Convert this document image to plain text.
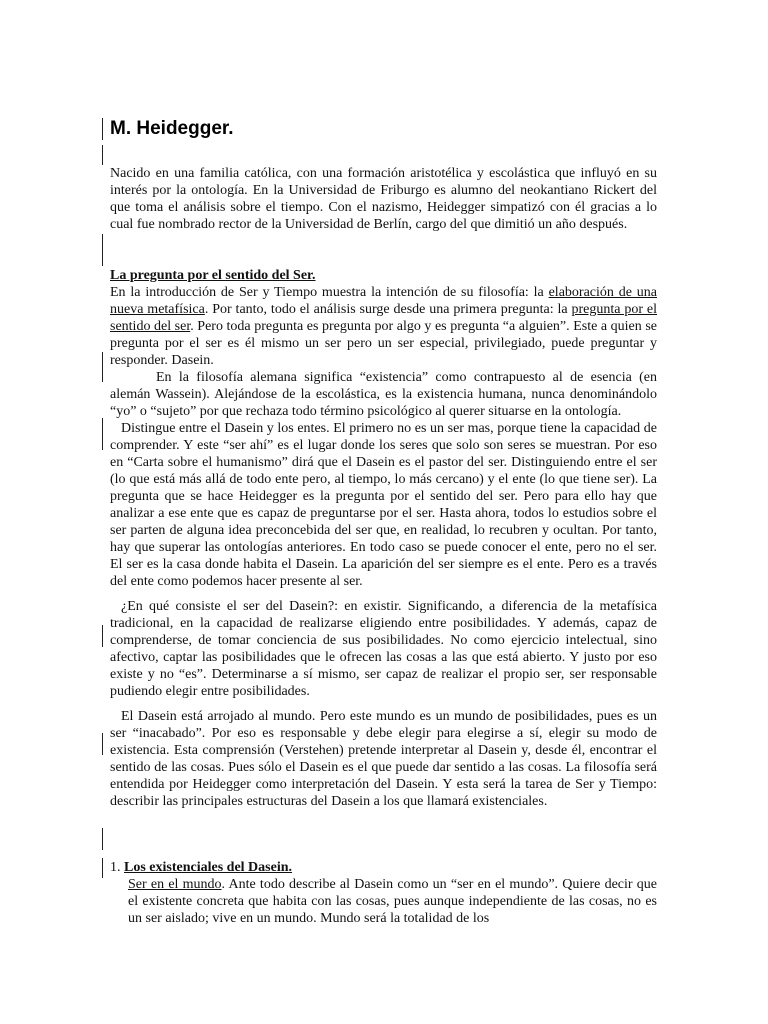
M. Heidegger.

Nacido en una familia católica, con una formación aristotélica y escolástica que influyó en su interés por la ontología. En la Universidad de Friburgo es alumno del neokantiano Rickert del que toma el análisis sobre el tiempo. Con el nazismo, Heidegger simpatizó con él gracias a lo cual fue nombrado rector de la Universidad de Berlín, cargo del que dimitió un año después.

La pregunta por el sentido del Ser.

En la introducción de Ser y Tiempo muestra la intención de su filosofía: la elaboración de una nueva metafísica. Por tanto, todo el análisis surge desde una primera pregunta: la pregunta por el sentido del ser. Pero toda pregunta es pregunta por algo y es pregunta “a alguien”. Este a quien se pregunta por el ser es él mismo un ser pero un ser especial, privilegiado, puede preguntar y responder. Dasein.

En la filosofía alemana significa “existencia” como contrapuesto al de esencia (en alemán Wassein). Alejándose de la escolástica, es la existencia humana, nunca denominándolo “yo” o “sujeto” por que rechaza todo término psicológico al querer situarse en la ontología.

Distingue entre el Dasein y los entes. El primero no es un ser mas, porque tiene la capacidad de comprender. Y este “ser ahí” es el lugar donde los seres que solo son seres se muestran. Por eso en “Carta sobre el humanismo” dirá que el Dasein es el pastor del ser. Distinguiendo entre el ser (lo que está más allá de todo ente pero, al tiempo, lo más cercano) y el ente (lo que tiene ser). La pregunta que se hace Heidegger es la pregunta por el sentido del ser. Pero para ello hay que analizar a ese ente que es capaz de preguntarse por el ser. Hasta ahora, todos lo estudios sobre el ser parten de alguna idea preconcebida del ser que, en realidad, lo recubren y ocultan. Por tanto, hay que superar las ontologías anteriores. En todo caso se puede conocer el ente, pero no el ser. El ser es la casa donde habita el Dasein. La aparición del ser siempre es el ente. Pero es a través del ente como podemos hacer presente al ser.

¿En qué consiste el ser del Dasein?: en existir. Significando, a diferencia de la metafísica tradicional, en la capacidad de realizarse eligiendo entre posibilidades. Y además, capaz de comprenderse, de tomar conciencia de sus posibilidades. No como ejercicio intelectual, sino afectivo, captar las posibilidades que le ofrecen las cosas a las que está abierto. Y justo por eso existe y no “es”. Determinarse a sí mismo, ser capaz de realizar el propio ser, ser responsable pudiendo elegir entre posibilidades.

El Dasein está arrojado al mundo. Pero este mundo es un mundo de posibilidades, pues es un ser “inacabado”. Por eso es responsable y debe elegir para elegirse a sí, elegir su modo de existencia. Esta comprensión (Verstehen) pretende interpretar al Dasein y, desde él, encontrar el sentido de las cosas. Pues sólo el Dasein es el que puede dar sentido a las cosas. La filosofía será entendida por Heidegger como interpretación del Dasein. Y esta será la tarea de Ser y Tiempo: describir las principales estructuras del Dasein a los que llamará existenciales.

1. Los existenciales del Dasein.

Ser en el mundo. Ante todo describe al Dasein como un “ser en el mundo”. Quiere decir que el existente concreta que habita con las cosas, pues aunque independiente de las cosas, no es un ser aislado; vive en un mundo. Mundo será la totalidad de los
